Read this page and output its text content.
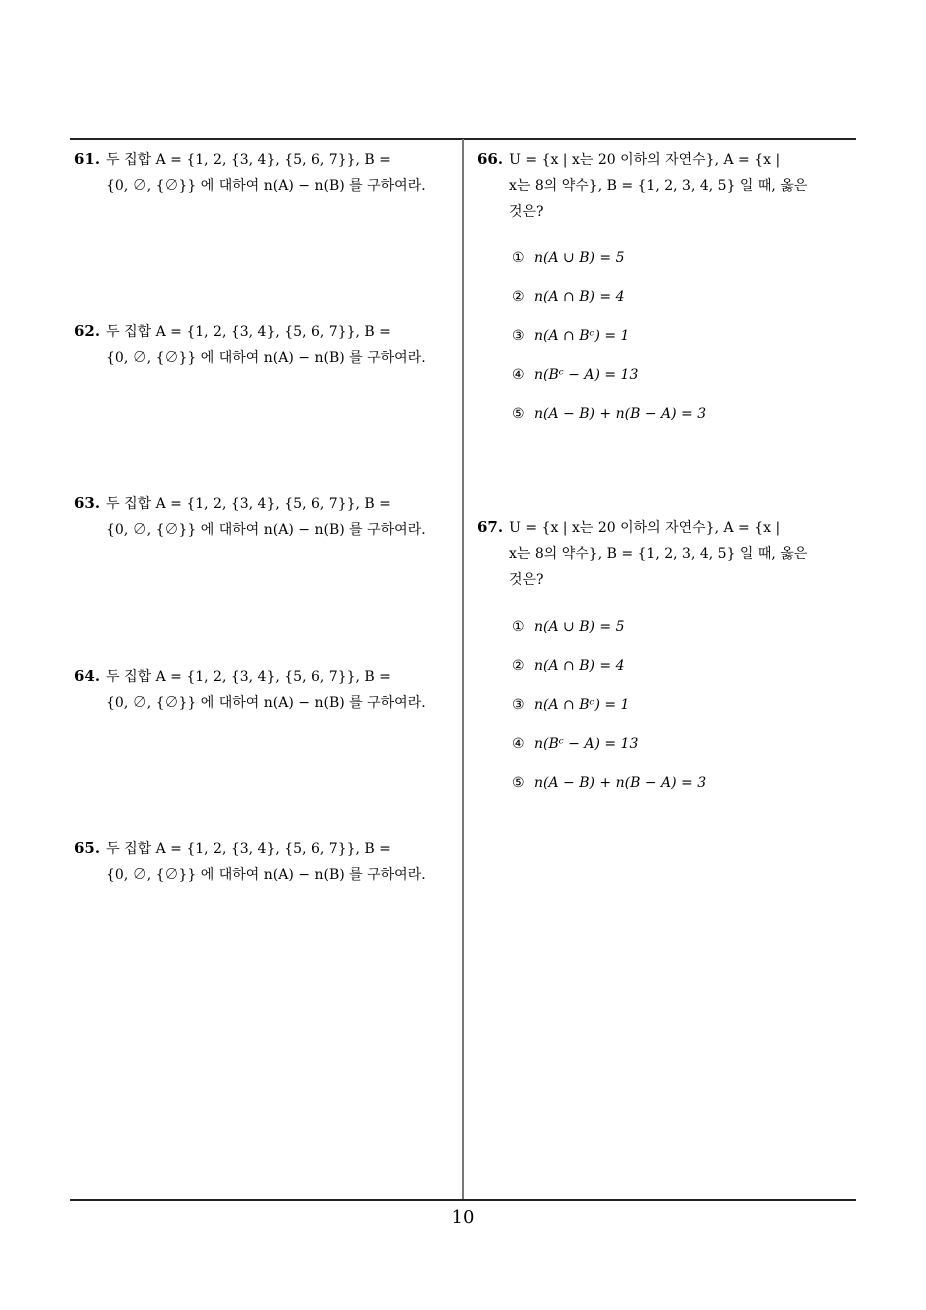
61. 두 집합 A = {1, 2, {3, 4}, {5, 6, 7}}, B =
{0, ∅, {∅}} 에 대하여 n(A) − n(B) 를 구하여라.
62. 두 집합 A = {1, 2, {3, 4}, {5, 6, 7}}, B =
{0, ∅, {∅}} 에 대하여 n(A) − n(B) 를 구하여라.
63. 두 집합 A = {1, 2, {3, 4}, {5, 6, 7}}, B =
{0, ∅, {∅}} 에 대하여 n(A) − n(B) 를 구하여라.
64. 두 집합 A = {1, 2, {3, 4}, {5, 6, 7}}, B =
{0, ∅, {∅}} 에 대하여 n(A) − n(B) 를 구하여라.
65. 두 집합 A = {1, 2, {3, 4}, {5, 6, 7}}, B =
{0, ∅, {∅}} 에 대하여 n(A) − n(B) 를 구하여라.
66. U = {x | x는 20 이하의 자연수}, A = {x |
x는 8의 약수}, B = {1, 2, 3, 4, 5} 일 때, 옳은
것은?
① n(A ∪ B) = 5
② n(A ∩ B) = 4
③ n(A ∩ Bᶜ) = 1
④ n(Bᶜ − A) = 13
⑤ n(A − B) + n(B − A) = 3
67. U = {x | x는 20 이하의 자연수}, A = {x |
x는 8의 약수}, B = {1, 2, 3, 4, 5} 일 때, 옳은
것은?
① n(A ∪ B) = 5
② n(A ∩ B) = 4
③ n(A ∩ Bᶜ) = 1
④ n(Bᶜ − A) = 13
⑤ n(A − B) + n(B − A) = 3
10
